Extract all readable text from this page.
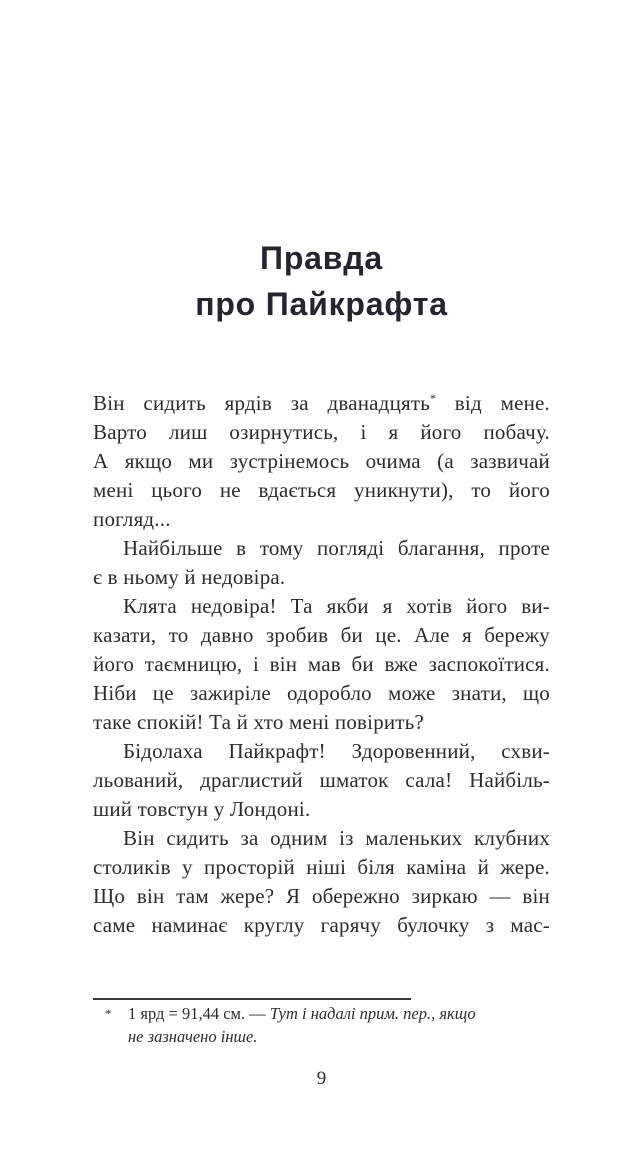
Правда
про Пайкрафта
Він сидить ярдів за дванадцять* від мене.
Варто лиш озирнутись, і я його побачу.
А якщо ми зустрінемось очима (а зазвичай
мені цього не вдається уникнути), то його
погляд...
Найбільше в тому погляді благання, проте
є в ньому й недовіра.
Клята недовіра! Та якби я хотів його ви-
казати, то давно зробив би це. Але я бережу
його таємницю, і він мав би вже заспокоїтися.
Ніби це зажиріле одоробло може знати, що
таке спокій! Та й хто мені повірить?
Бідолаха Пайкрафт! Здоровенний, схви-
льований, драглистий шматок сала! Найбіль-
ший товстун у Лондоні.
Він сидить за одним із маленьких клубних
столиків у просторій ніші біля каміна й жере.
Що він там жере? Я обережно зиркаю — він
саме наминає круглу гарячу булочку з мас-
* 1 ярд = 91,44 см. — Тут і надалі прим. пер., якщо
не зазначено інше.
9
